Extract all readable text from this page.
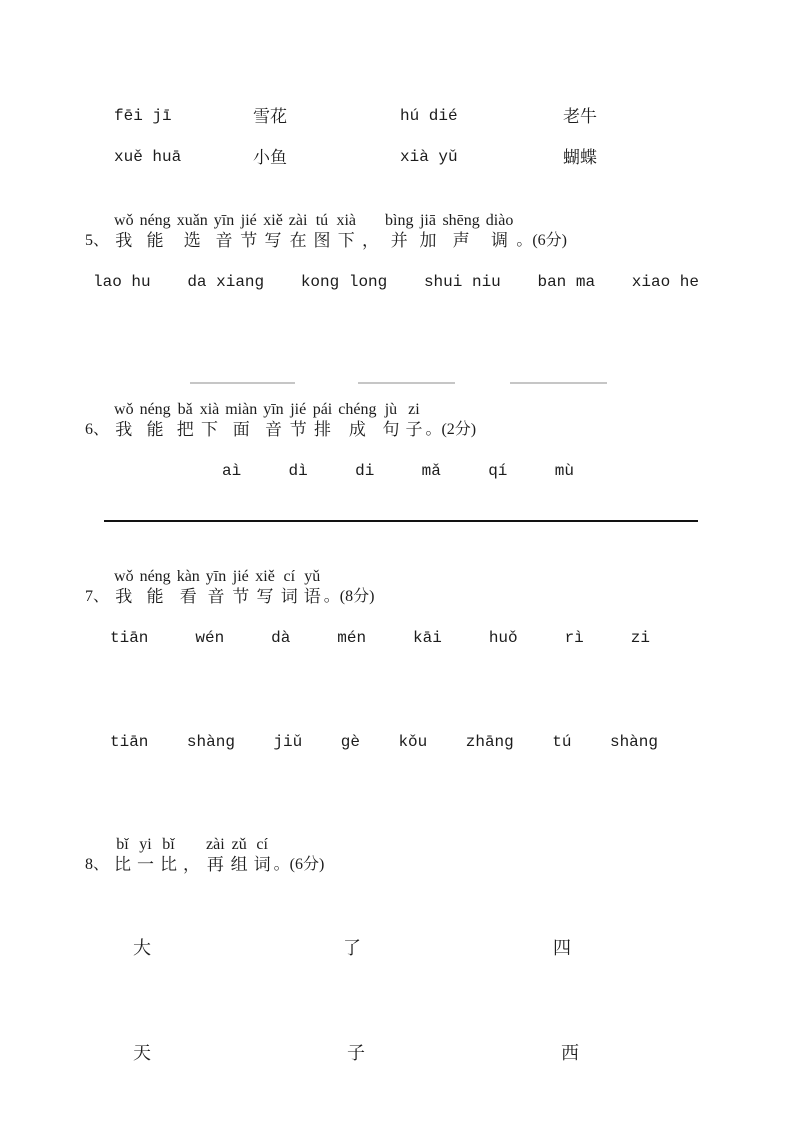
fēi jī	雪花	hú dié	老牛
xuě huā	小鱼	xià yǔ	蝴蝶
5、
wǒ
我
néng
能
xuǎn
选
yīn
音
jié
节
xiě
写
zài
在
tú
图
xià
下 ，
bìng
并
jiā
加
shēng
声
diào
调 。(6分)
lao hu da xiang kong long shui niu ban ma xiao he
6、
wǒ
我
néng
能
bǎ
把
xià
下
miàn
面
yīn
音
jié
节
pái
排
chéng
成
jù
句
zi
子 。(2分)
aì	dì	di	mǎ	qí	mù
7、
wǒ
我
néng
能
kàn
看
yīn
音
jié
节
xiě
写
cí
词
yǔ
语 。(8分)
tiān	wén	dà	mén	kāi	huǒ	rì	zi
tiān shàng jiǔ gè kǒu zhāng tú shàng
8、
bǐ
比
yi
一
bǐ
比 ，
zài
再
zǔ
组
cí
词 。(6分)
大	了	四
天	子	西
